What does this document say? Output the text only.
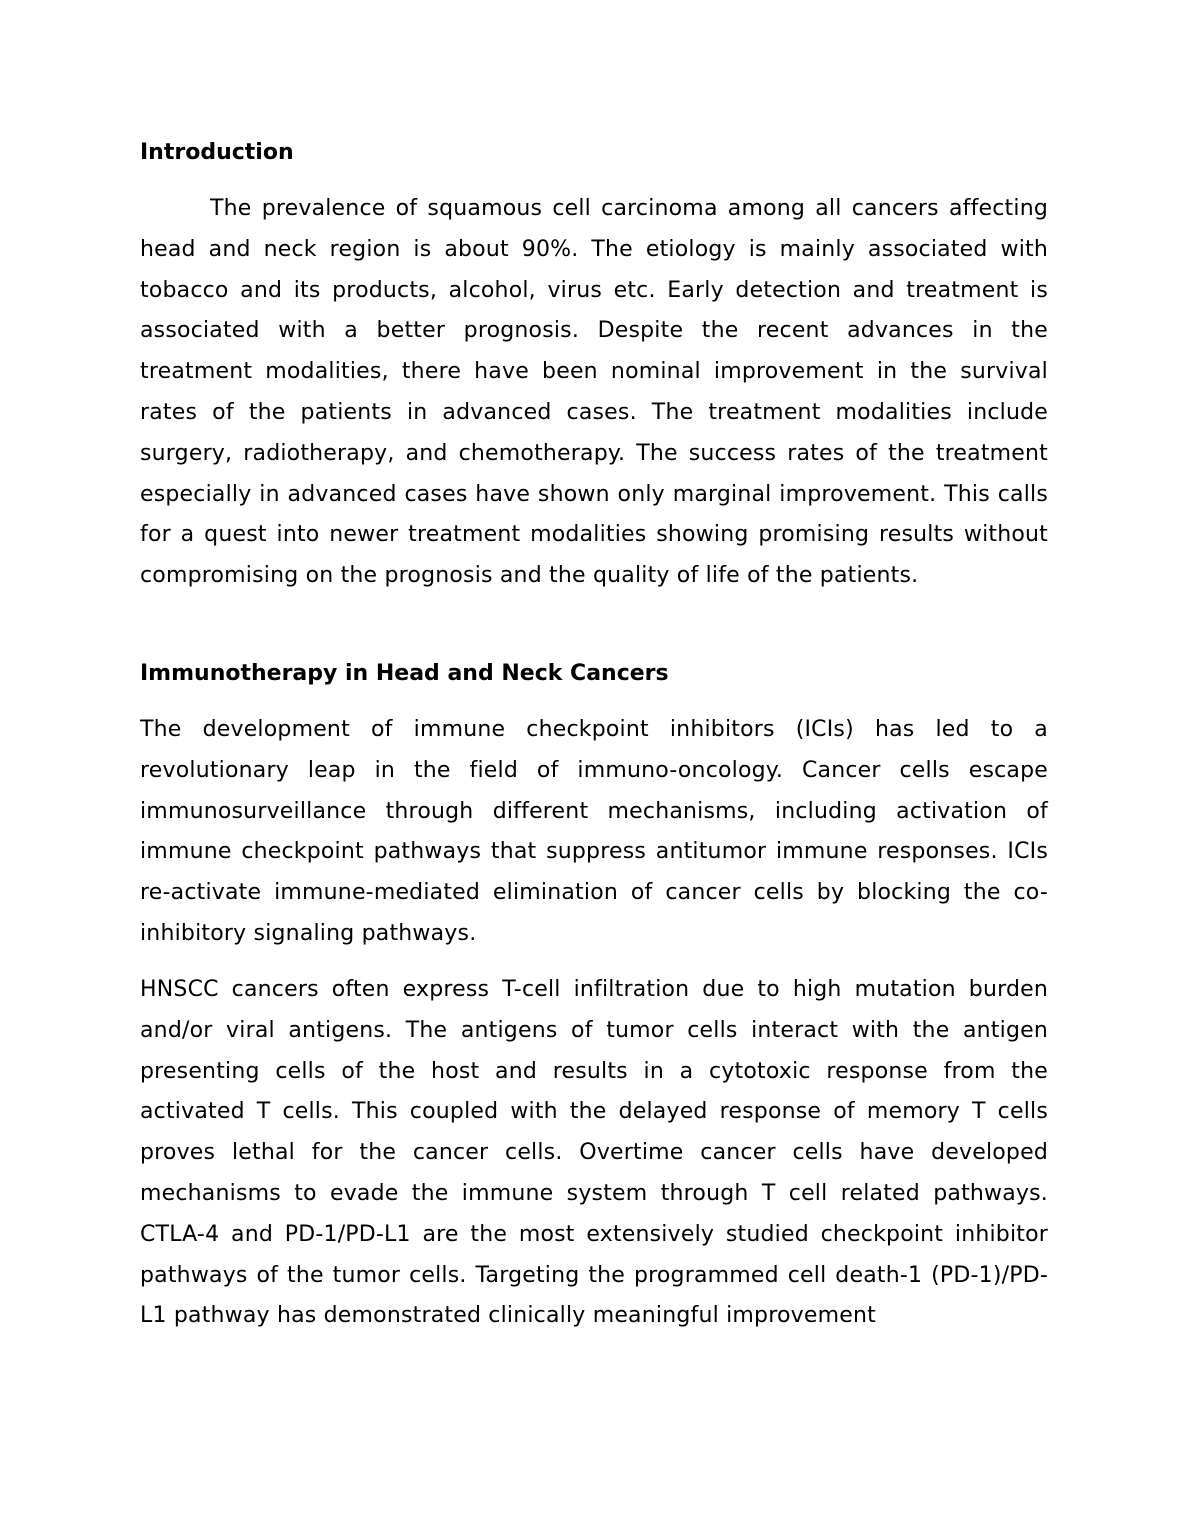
Introduction

The prevalence of squamous cell carcinoma among all cancers affecting head and neck region is about 90%. The etiology is mainly associated with tobacco and its products, alcohol, virus etc. Early detection and treatment is associated with a better prognosis. Despite the recent advances in the treatment modalities, there have been nominal improvement in the survival rates of the patients in advanced cases. The treatment modalities include surgery, radiotherapy, and chemotherapy. The success rates of the treatment especially in advanced cases have shown only marginal improvement. This calls for a quest into newer treatment modalities showing promising results without compromising on the prognosis and the quality of life of the patients.

Immunotherapy in Head and Neck Cancers

The development of immune checkpoint inhibitors (ICIs) has led to a revolutionary leap in the field of immuno-oncology. Cancer cells escape immunosurveillance through different mechanisms, including activation of immune checkpoint pathways that suppress antitumor immune responses. ICIs re-activate immune-mediated elimination of cancer cells by blocking the co-inhibitory signaling pathways.

HNSCC cancers often express T-cell infiltration due to high mutation burden and/or viral antigens. The antigens of tumor cells interact with the antigen presenting cells of the host and results in a cytotoxic response from the activated T cells. This coupled with the delayed response of memory T cells proves lethal for the cancer cells. Overtime cancer cells have developed mechanisms to evade the immune system through T cell related pathways. CTLA-4 and PD-1/PD-L1 are the most extensively studied checkpoint inhibitor pathways of the tumor cells. Targeting the programmed cell death-1 (PD-1)/PD-L1 pathway has demonstrated clinically meaningful improvement
